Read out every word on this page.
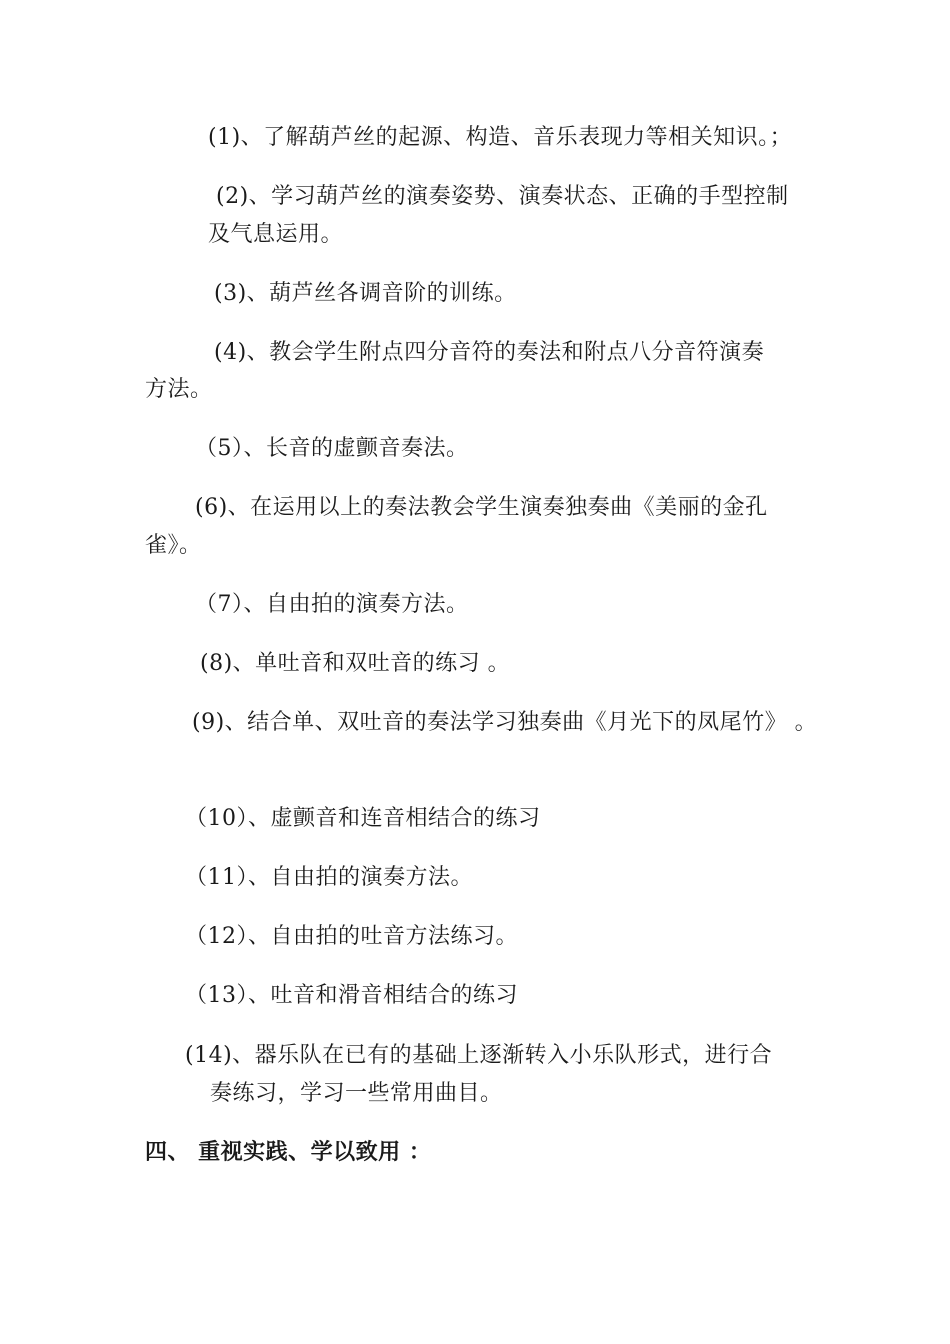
(1)、了解葫芦丝的起源、构造、音乐表现力等相关知识。；
(2)、学习葫芦丝的演奏姿势、演奏状态、正确的手型控制
及气息运用。
(3)、葫芦丝各调音阶的训练。
(4)、教会学生附点四分音符的奏法和附点八分音符演奏
方法。
（5）、长音的虚颤音奏法。
(6)、在运用以上的奏法教会学生演奏独奏曲《美丽的金孔
雀》。
（7）、自由拍的演奏方法。
(8)、单吐音和双吐音的练习 。
(9)、结合单、双吐音的奏法学习独奏曲《月光下的凤尾竹》 。
（10）、虚颤音和连音相结合的练习
（11）、自由拍的演奏方法。
（12）、自由拍的吐音方法练习。
（13）、吐音和滑音相结合的练习
(14)、器乐队在已有的基础上逐渐转入小乐队形式，进行合
奏练习，学习一些常用曲目。
四、 重视实践、学以致用 ：
